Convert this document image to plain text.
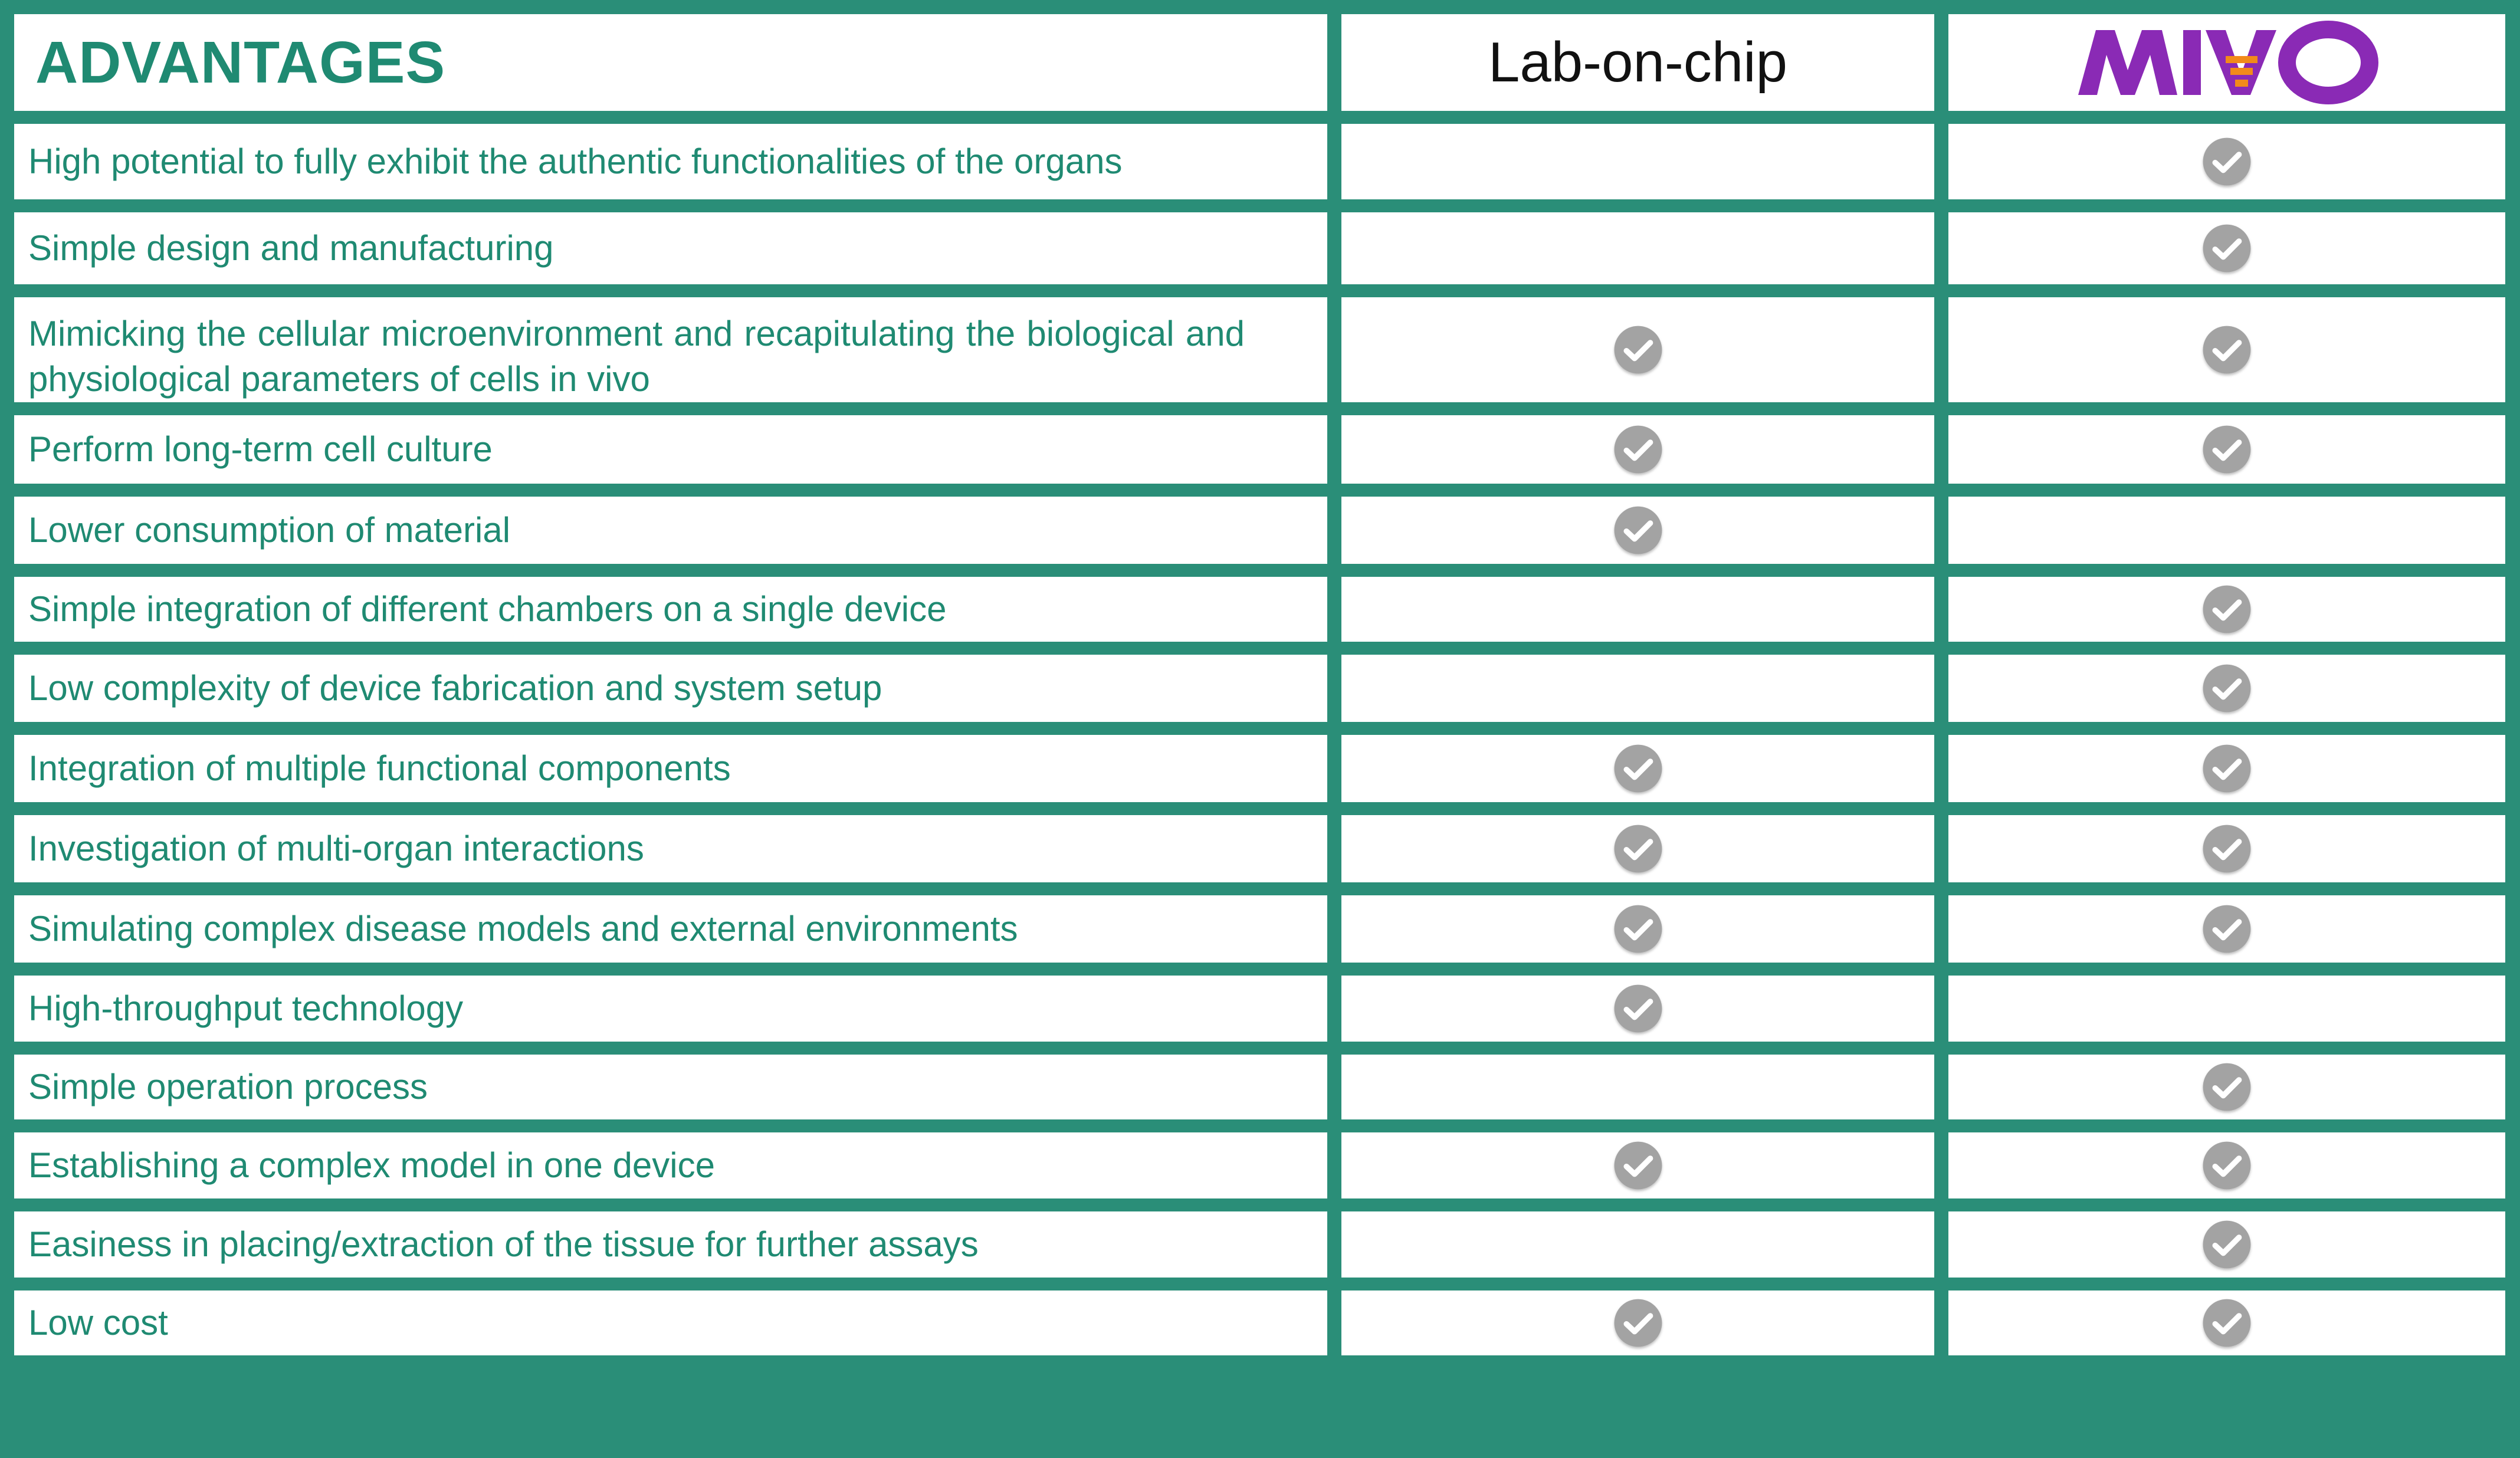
ADVANTAGES	Lab-on-chip
High potential to fully exhibit the authentic functionalities of the organs
Simple design and manufacturing
Mimicking the cellular microenvironment and recapitulating the biological and physiological parameters of cells in vivo
Perform long-term cell culture
Lower consumption of material
Simple integration of different chambers on a single device
Low complexity of device fabrication and system setup
Integration of multiple functional components
Investigation of multi-organ interactions
Simulating complex disease models and external environments
High-throughput technology
Simple operation process
Establishing a complex model in one device
Easiness in placing/extraction of the tissue for further assays
Low cost
